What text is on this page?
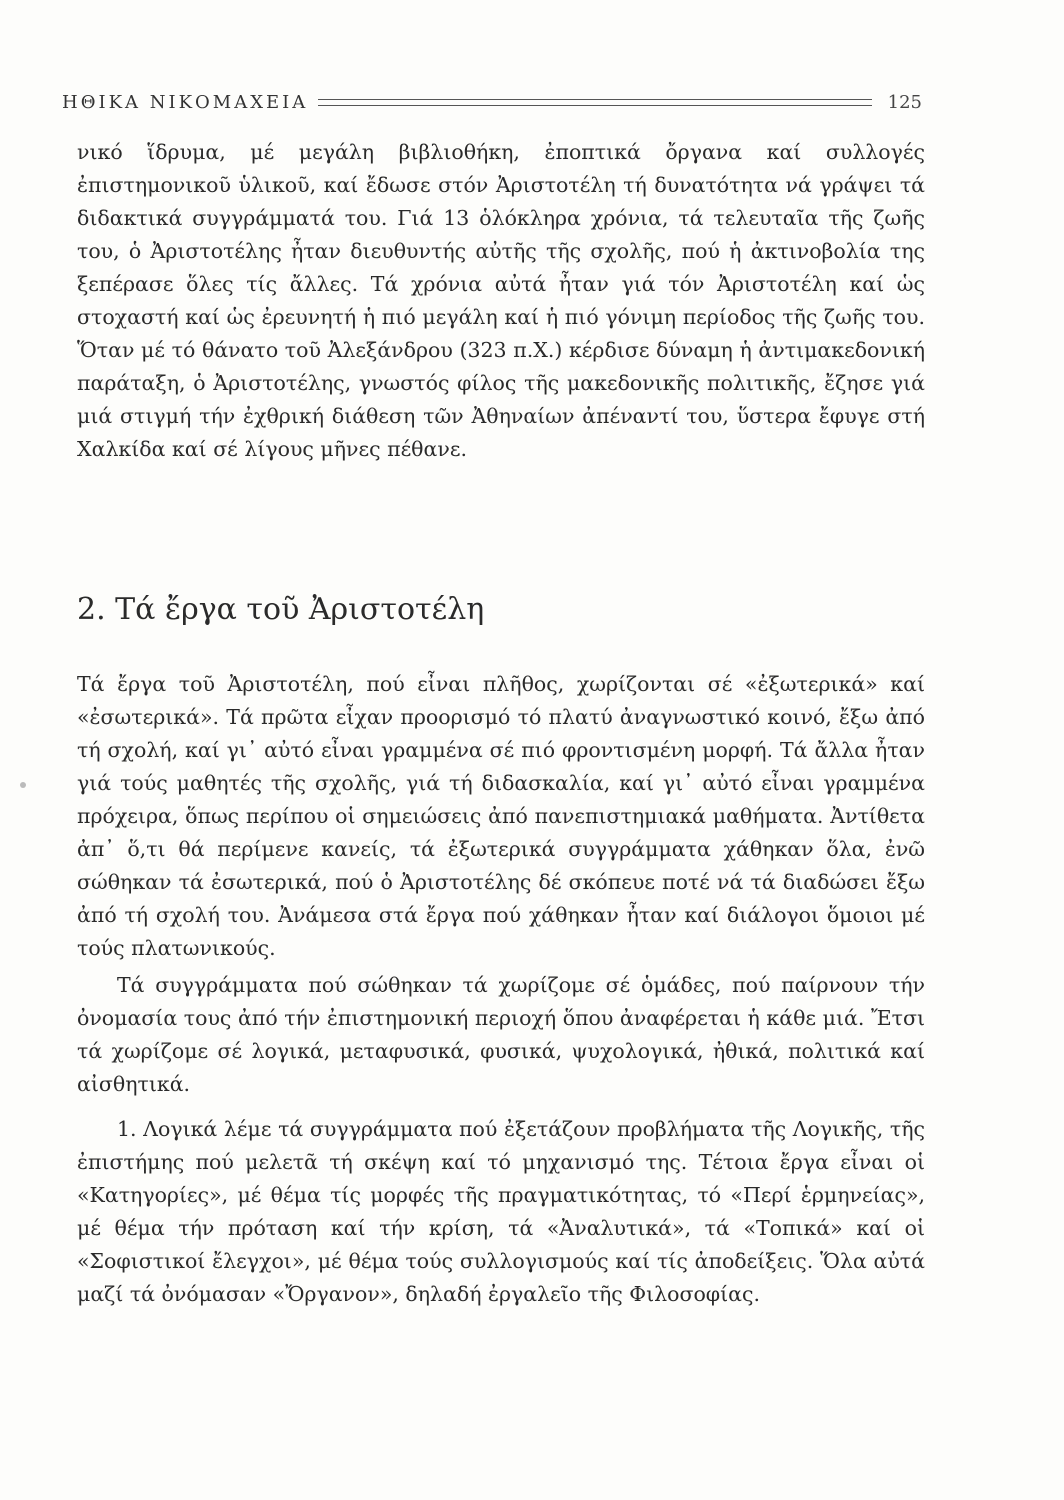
ΗΘΙΚΑ ΝΙΚΟΜΑΧΕΙΑ	125

νικό ἵδρυμα, μέ μεγάλη βιβλιοθήκη, ἐποπτικά ὄργανα καί συλλογές ἐπιστημονικοῦ ὑλικοῦ, καί ἔδωσε στόν Ἀριστοτέλη τή δυνατότητα νά γράψει τά διδακτικά συγγράμματά του. Γιά 13 ὁλόκληρα χρόνια, τά τελευταῖα τῆς ζωῆς του, ὁ Ἀριστοτέλης ἦταν διευθυντής αὐτῆς τῆς σχολῆς, πού ἡ ἀκτινοβολία της ξεπέρασε ὅλες τίς ἄλλες. Τά χρόνια αὐτά ἦταν γιά τόν Ἀριστοτέλη καί ὡς στοχαστή καί ὡς ἐρευνητή ἡ πιό μεγάλη καί ἡ πιό γόνιμη περίοδος τῆς ζωῆς του. Ὅταν μέ τό θάνατο τοῦ Ἀλεξάνδρου (323 π.Χ.) κέρδισε δύναμη ἡ ἀντιμακεδονική παράταξη, ὁ Ἀριστοτέλης, γνωστός φίλος τῆς μακεδονικῆς πολιτικῆς, ἔζησε γιά μιά στιγμή τήν ἐχθρική διάθεση τῶν Ἀθηναίων ἀπέναντί του, ὕστερα ἔφυγε στή Χαλκίδα καί σέ λίγους μῆνες πέθανε.

2. Τά ἔργα τοῦ Ἀριστοτέλη

Τά ἔργα τοῦ Ἀριστοτέλη, πού εἶναι πλῆθος, χωρίζονται σέ «ἐξωτερικά» καί «ἐσωτερικά». Τά πρῶτα εἶχαν προορισμό τό πλατύ ἀναγνωστικό κοινό, ἔξω ἀπό τή σχολή, καί γι᾽ αὐτό εἶναι γραμμένα σέ πιό φροντισμένη μορφή. Τά ἄλλα ἦταν γιά τούς μαθητές τῆς σχολῆς, γιά τή διδασκαλία, καί γι᾽ αὐτό εἶναι γραμμένα πρόχειρα, ὅπως περίπου οἱ σημειώσεις ἀπό πανεπιστημιακά μαθήματα. Ἀντίθετα ἀπ᾽ ὅ,τι θά περίμενε κανείς, τά ἐξωτερικά συγγράμματα χάθηκαν ὅλα, ἐνῶ σώθηκαν τά ἐσωτερικά, πού ὁ Ἀριστοτέλης δέ σκόπευε ποτέ νά τά διαδώσει ἔξω ἀπό τή σχολή του. Ἀνάμεσα στά ἔργα πού χάθηκαν ἦταν καί διάλογοι ὅμοιοι μέ τούς πλατωνικούς.

Τά συγγράμματα πού σώθηκαν τά χωρίζομε σέ ὁμάδες, πού παίρνουν τήν ὀνομασία τους ἀπό τήν ἐπιστημονική περιοχή ὅπου ἀναφέρεται ἡ κάθε μιά. Ἔτσι τά χωρίζομε σέ λογικά, μεταφυσικά, φυσικά, ψυχολογικά, ἠθικά, πολιτικά καί αἰσθητικά.

1. Λογικά λέμε τά συγγράμματα πού ἐξετάζουν προβλήματα τῆς Λογικῆς, τῆς ἐπιστήμης πού μελετᾶ τή σκέψη καί τό μηχανισμό της. Τέτοια ἔργα εἶναι οἱ «Κατηγορίες», μέ θέμα τίς μορφές τῆς πραγματικότητας, τό «Περί ἑρμηνείας», μέ θέμα τήν πρόταση καί τήν κρίση, τά «Ἀναλυτικά», τά «Τοπικά» καί οἱ «Σοφιστικοί ἔλεγχοι», μέ θέμα τούς συλλογισμούς καί τίς ἀποδείξεις. Ὅλα αὐτά μαζί τά ὀνόμασαν «Ὄργανον», δηλαδή ἐργαλεῖο τῆς Φιλοσοφίας.
